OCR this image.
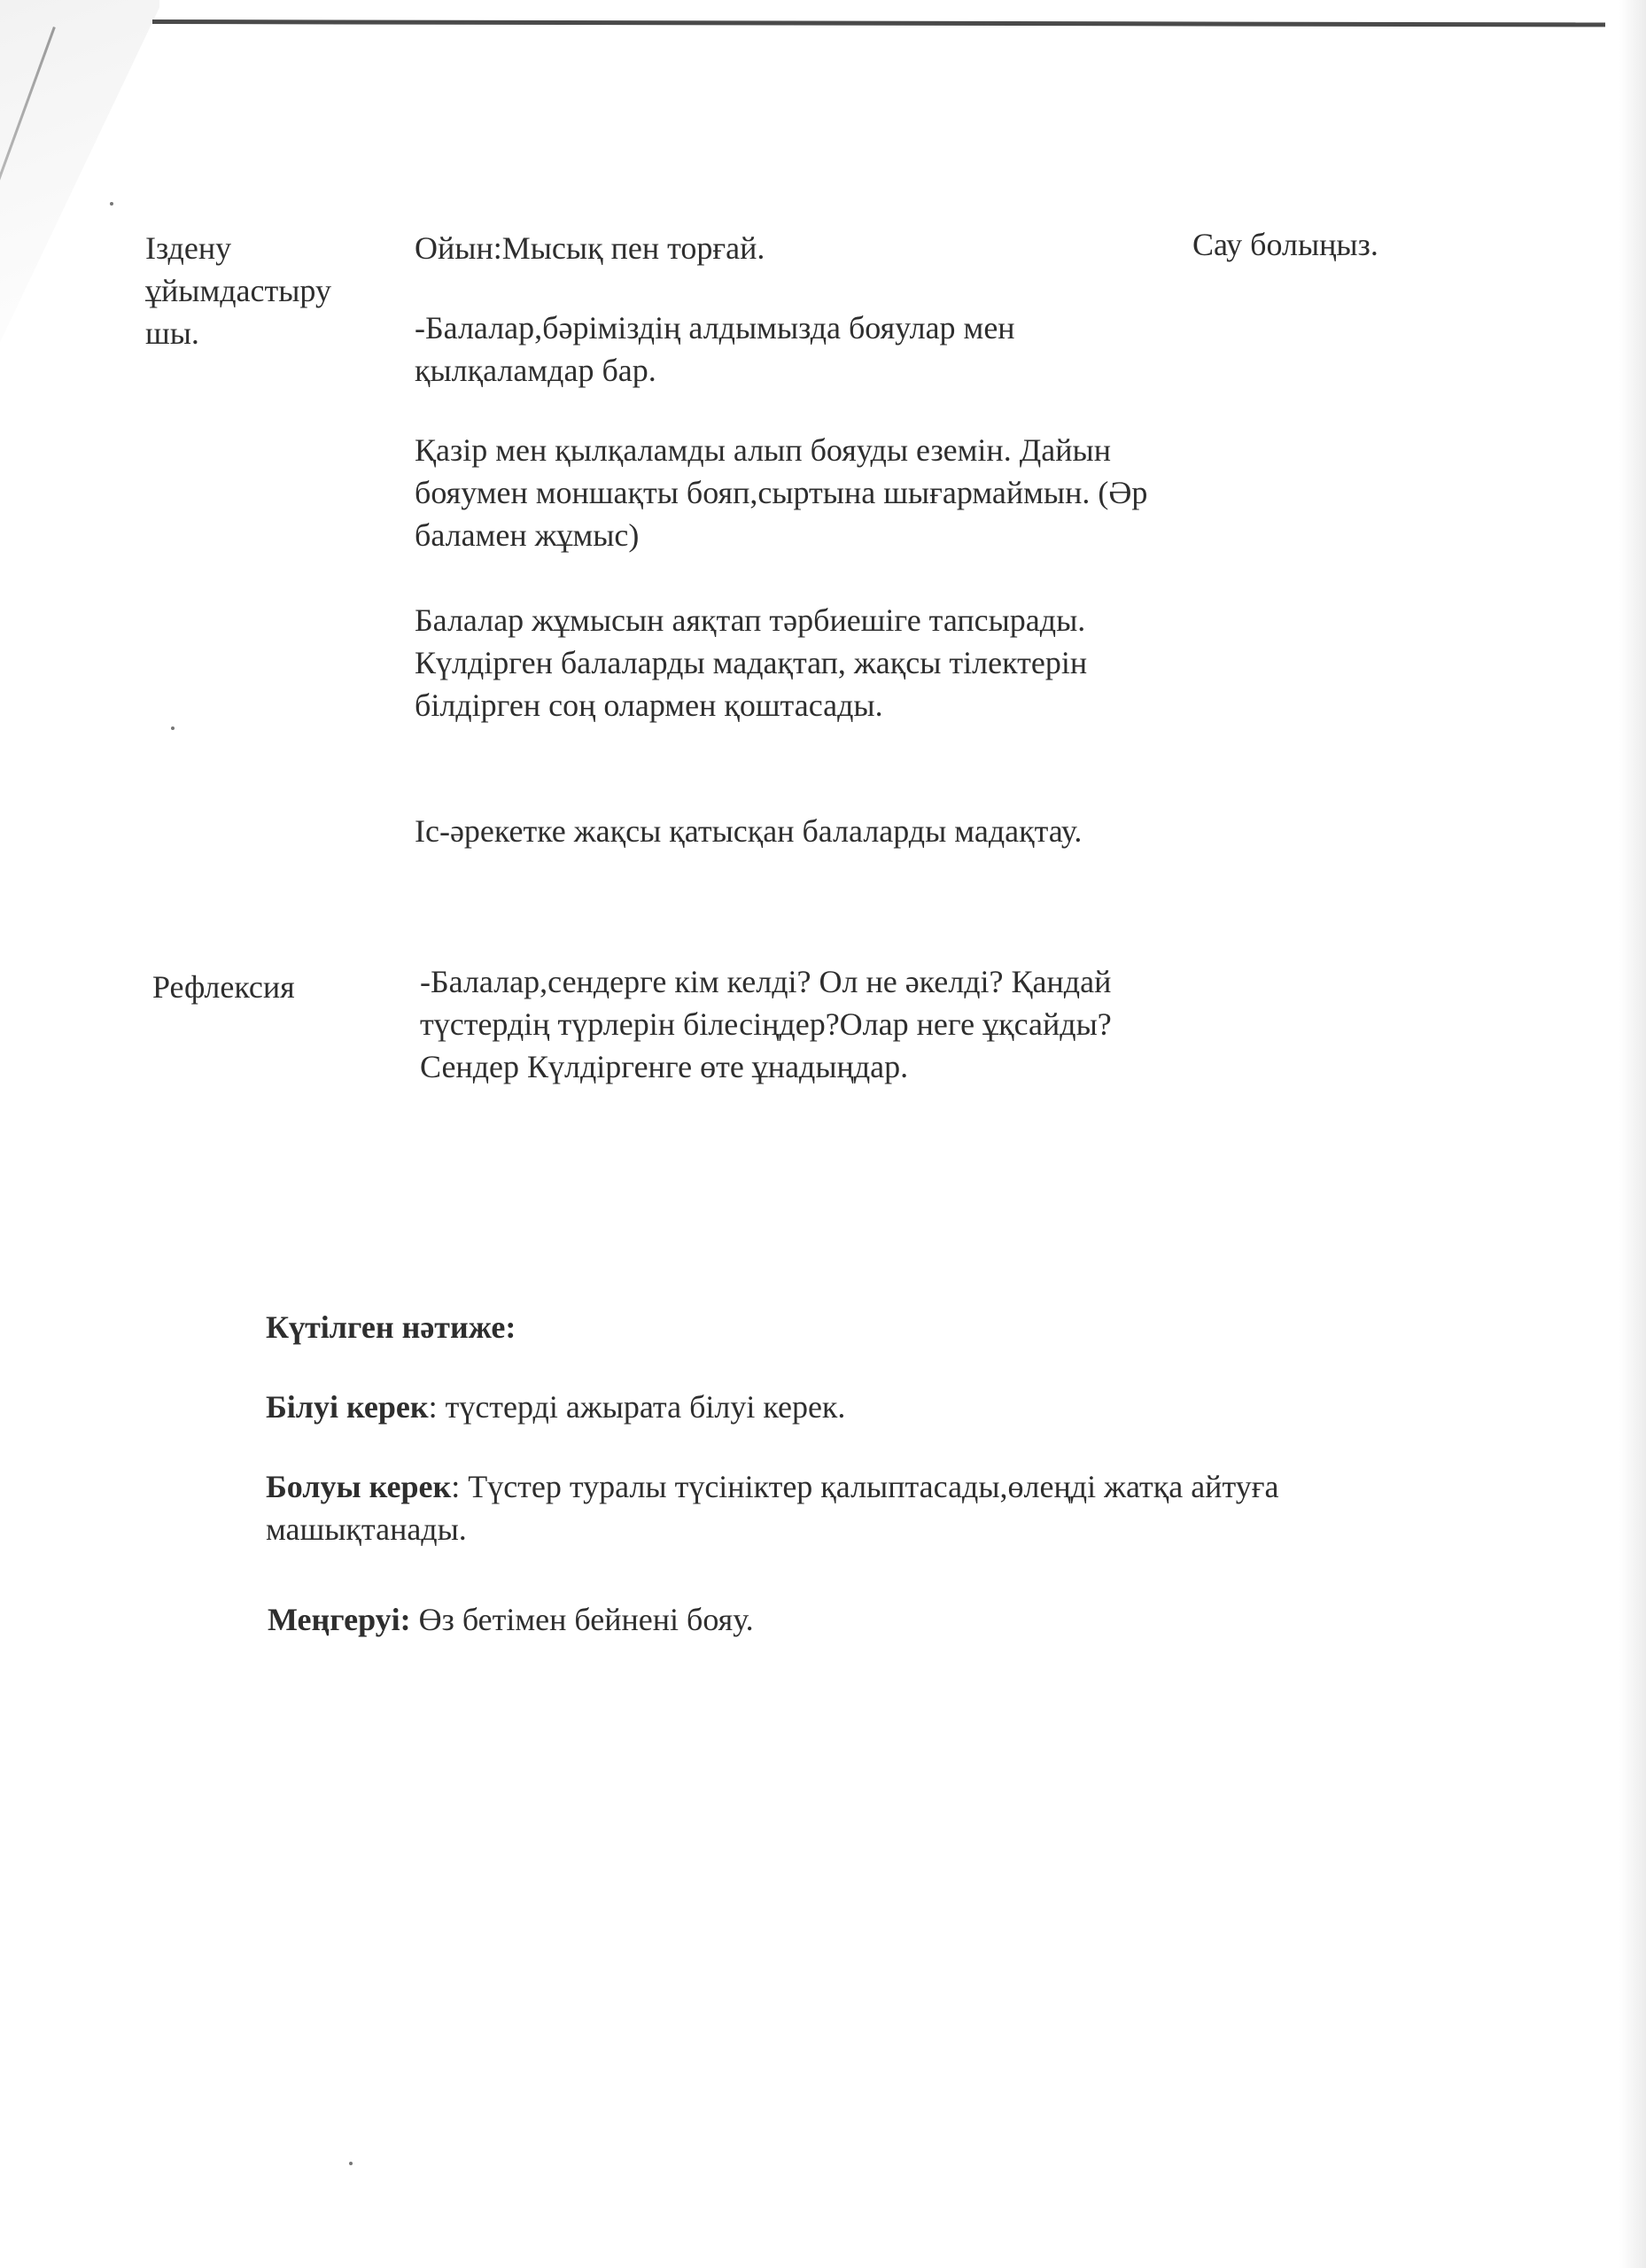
Іздену ұйымдастыру шы.

Ойын:Мысық пен торғай.

-Балалар,бәріміздің алдымызда бояулар мен қылқаламдар бар.

Қазір мен қылқаламды алып бояуды еземін. Дайын бояумен моншақты бояп,сыртына шығармаймын. (Әр баламен жұмыс)

Балалар жұмысын аяқтап тәрбиешіге тапсырады. Күлдірген балаларды мадақтап, жақсы тілектерін білдірген соң олармен қоштасады.

Іс-әрекетке жақсы қатысқан балаларды мадақтау.

Сау болыңыз.

Рефлексия	-Балалар,сендерге кім келді? Ол не әкелді? Қандай түстердің түрлерін білесіңдер?Олар неге ұқсайды?Сендер Күлдіргенге өте ұнадыңдар.

Күтілген нәтиже:

Білуі керек: түстерді ажырата білуі керек.

Болуы керек: Түстер туралы түсініктер қалыптасады,өлеңді жатқа айтуға машықтанады.

Меңгеруі: Өз бетімен бейнені бояу.
